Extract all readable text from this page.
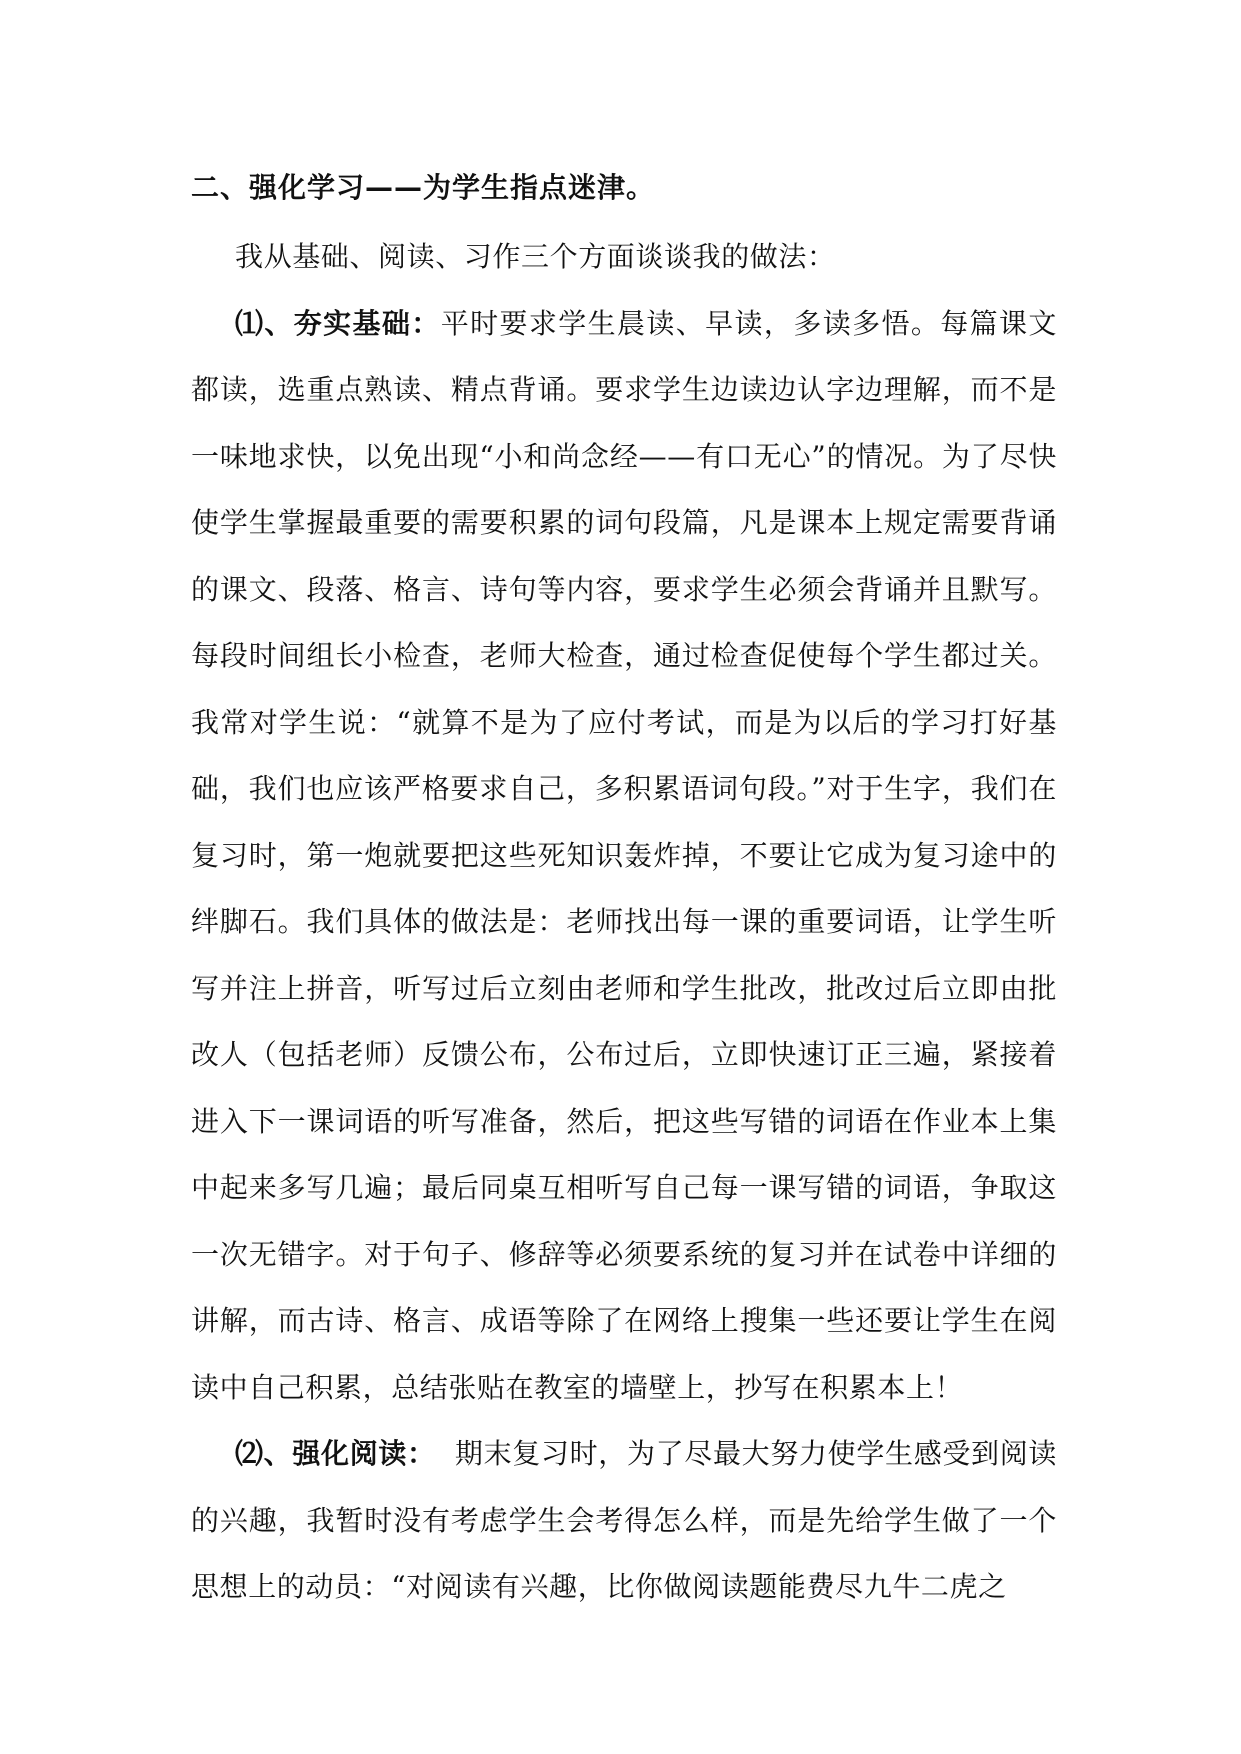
二、强化学习——为学生指点迷津。

我从基础、阅读、习作三个方面谈谈我的做法：

⑴、夯实基础：平时要求学生晨读、早读，多读多悟。每篇课文都读，选重点熟读、精点背诵。要求学生边读边认字边理解，而不是一味地求快，以免出现“小和尚念经——有口无心”的情况。为了尽快使学生掌握最重要的需要积累的词句段篇，凡是课本上规定需要背诵的课文、段落、格言、诗句等内容，要求学生必须会背诵并且默写。每段时间组长小检查，老师大检查，通过检查促使每个学生都过关。我常对学生说：“就算不是为了应付考试，而是为以后的学习打好基础，我们也应该严格要求自己，多积累语词句段。”对于生字，我们在复习时，第一炮就要把这些死知识轰炸掉，不要让它成为复习途中的绊脚石。我们具体的做法是：老师找出每一课的重要词语，让学生听写并注上拼音，听写过后立刻由老师和学生批改，批改过后立即由批改人（包括老师）反馈公布，公布过后，立即快速订正三遍，紧接着进入下一课词语的听写准备，然后，把这些写错的词语在作业本上集中起来多写几遍；最后同桌互相听写自己每一课写错的词语，争取这一次无错字。对于句子、修辞等必须要系统的复习并在试卷中详细的讲解，而古诗、格言、成语等除了在网络上搜集一些还要让学生在阅读中自己积累，总结张贴在教室的墙壁上，抄写在积累本上！

⑵、强化阅读： 期末复习时，为了尽最大努力使学生感受到阅读的兴趣，我暂时没有考虑学生会考得怎么样，而是先给学生做了一个思想上的动员：“对阅读有兴趣，比你做阅读题能费尽九牛二虎之
